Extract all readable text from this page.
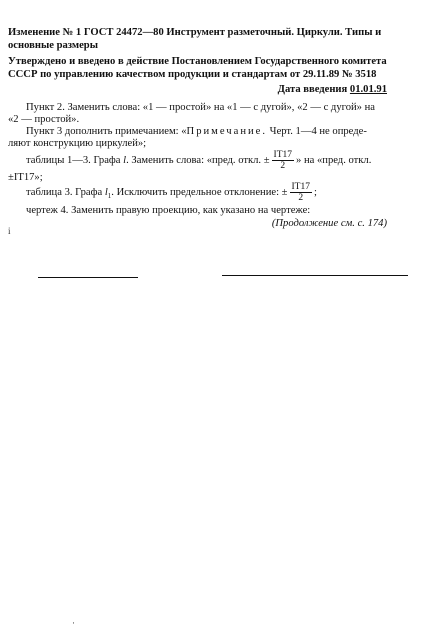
Изменение № 1 ГОСТ 24472—80 Инструмент разметочный. Циркули. Типы и
основные размеры
Утверждено и введено в действие Постановлением Государственного комитета
СССР по управлению качеством продукции и стандартам от 29.11.89 № 3518
Дата введения 01.01.91
Пункт 2. Заменить слова: «1 — простой» на «1 — с дугой», «2 — с дугой» на
«2 — простой».
Пункт 3 дополнить примечанием: «Примечание. Черт. 1—4 не опреде-
ляют конструкцию циркулей»;
таблицы 1—3. Графа l. Заменить слова: «пред. откл. ± $\frac{IT17}{2}$ » на «пред. откл.
±IT17»;
таблица 3. Графа $l_1$. Исключить предельное отклонение: ± $\frac{IT17}{2}$ ;
чертеж 4. Заменить правую проекцию, как указано на чертеже:
(Продолжение см. с. 174)
і
·
